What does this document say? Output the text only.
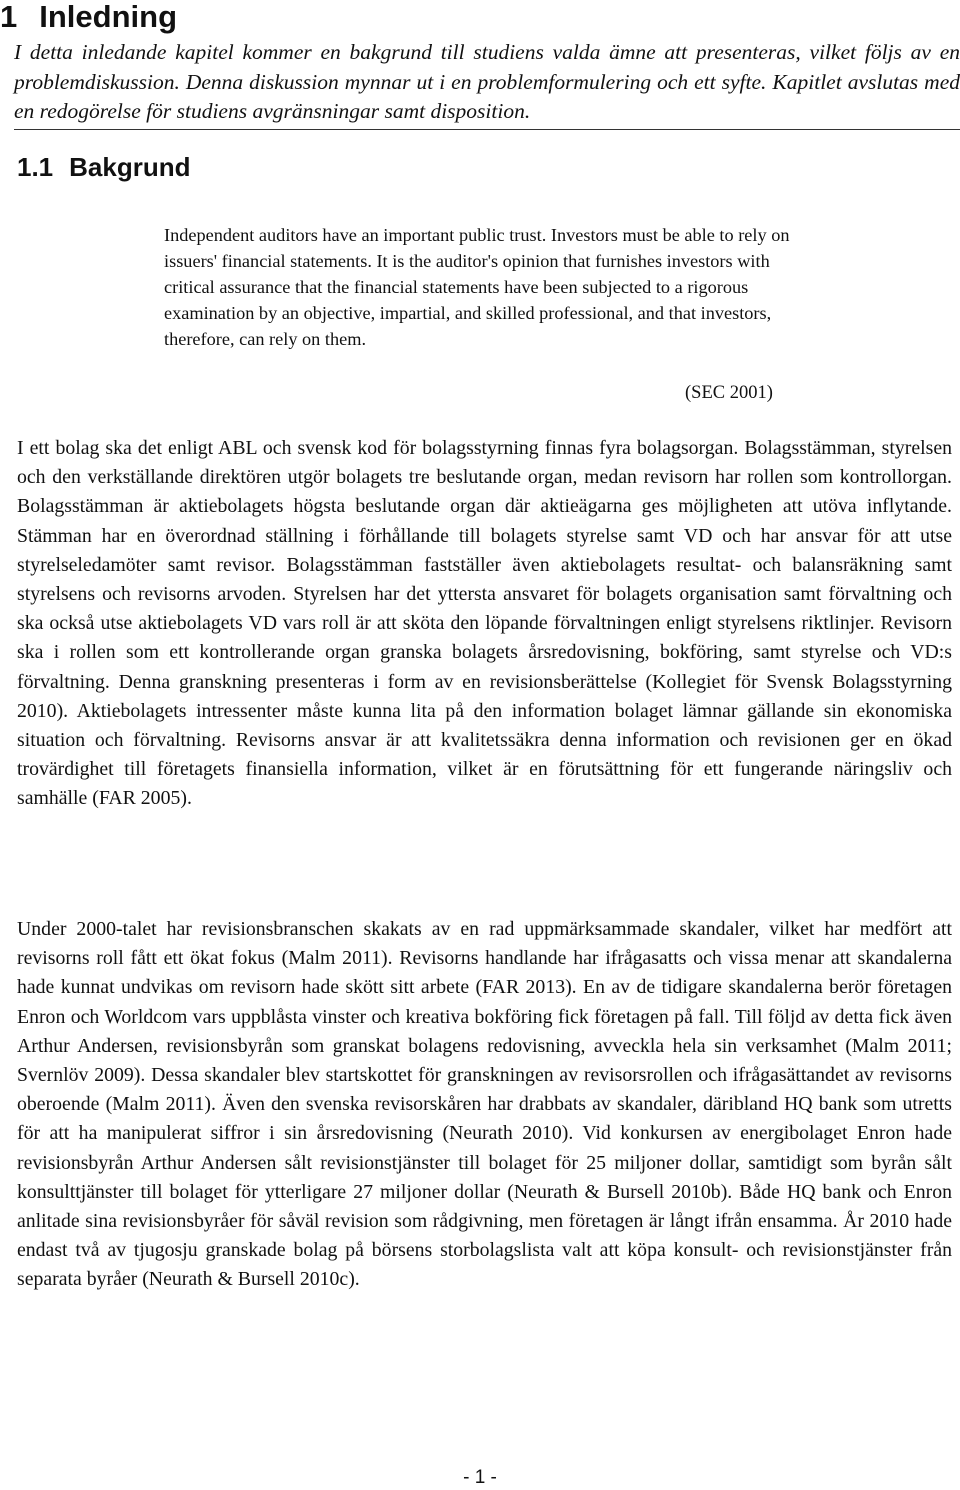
1 Inledning

I detta inledande kapitel kommer en bakgrund till studiens valda ämne att presenteras, vilket följs av en problemdiskussion. Denna diskussion mynnar ut i en problemformulering och ett syfte. Kapitlet avslutas med en redogörelse för studiens avgränsningar samt disposition.

1.1 Bakgrund
Independent auditors have an important public trust. Investors must be able to rely on issuers' financial statements. It is the auditor's opinion that furnishes investors with critical assurance that the financial statements have been subjected to a rigorous examination by an objective, impartial, and skilled professional, and that investors, therefore, can rely on them.

(SEC 2001)

I ett bolag ska det enligt ABL och svensk kod för bolagsstyrning finnas fyra bolagsorgan. Bolagsstämman, styrelsen och den verkställande direktören utgör bolagets tre beslutande organ, medan revisorn har rollen som kontrollorgan. Bolagsstämman är aktiebolagets högsta beslutande organ där aktieägarna ges möjligheten att utöva inflytande. Stämman har en överordnad ställning i förhållande till bolagets styrelse samt VD och har ansvar för att utse styrelseledamöter samt revisor. Bolagsstämman fastställer även aktiebolagets resultat- och balansräkning samt styrelsens och revisorns arvoden. Styrelsen har det yttersta ansvaret för bolagets organisation samt förvaltning och ska också utse aktiebolagets VD vars roll är att sköta den löpande förvaltningen enligt styrelsens riktlinjer. Revisorn ska i rollen som ett kontrollerande organ granska bolagets årsredovisning, bokföring, samt styrelse och VD:s förvaltning. Denna granskning presenteras i form av en revisionsberättelse (Kollegiet för Svensk Bolagsstyrning 2010). Aktiebolagets intressenter måste kunna lita på den information bolaget lämnar gällande sin ekonomiska situation och förvaltning. Revisorns ansvar är att kvalitetssäkra denna information och revisionen ger en ökad trovärdighet till företagets finansiella information, vilket är en förutsättning för ett fungerande näringsliv och samhälle (FAR 2005).

Under 2000-talet har revisionsbranschen skakats av en rad uppmärksammade skandaler, vilket har medfört att revisorns roll fått ett ökat fokus (Malm 2011). Revisorns handlande har ifrågasatts och vissa menar att skandalerna hade kunnat undvikas om revisorn hade skött sitt arbete (FAR 2013). En av de tidigare skandalerna berör företagen Enron och Worldcom vars uppblåsta vinster och kreativa bokföring fick företagen på fall. Till följd av detta fick även Arthur Andersen, revisionsbyrån som granskat bolagens redovisning, avveckla hela sin verksamhet (Malm 2011; Svernlöv 2009). Dessa skandaler blev startskottet för granskningen av revisorsrollen och ifrågasättandet av revisorns oberoende (Malm 2011). Även den svenska revisorskåren har drabbats av skandaler, däribland HQ bank som utretts för att ha manipulerat siffror i sin årsredovisning (Neurath 2010). Vid konkursen av energibolaget Enron hade revisionsbyrån Arthur Andersen sålt revisionstjänster till bolaget för 25 miljoner dollar, samtidigt som byrån sålt konsulttjänster till bolaget för ytterligare 27 miljoner dollar (Neurath & Bursell 2010b). Både HQ bank och Enron anlitade sina revisionsbyråer för såväl revision som rådgivning, men företagen är långt ifrån ensamma. År 2010 hade endast två av tjugosju granskade bolag på börsens storbolagslista valt att köpa konsult- och revisionstjänster från separata byråer (Neurath & Bursell 2010c).

- 1 -
